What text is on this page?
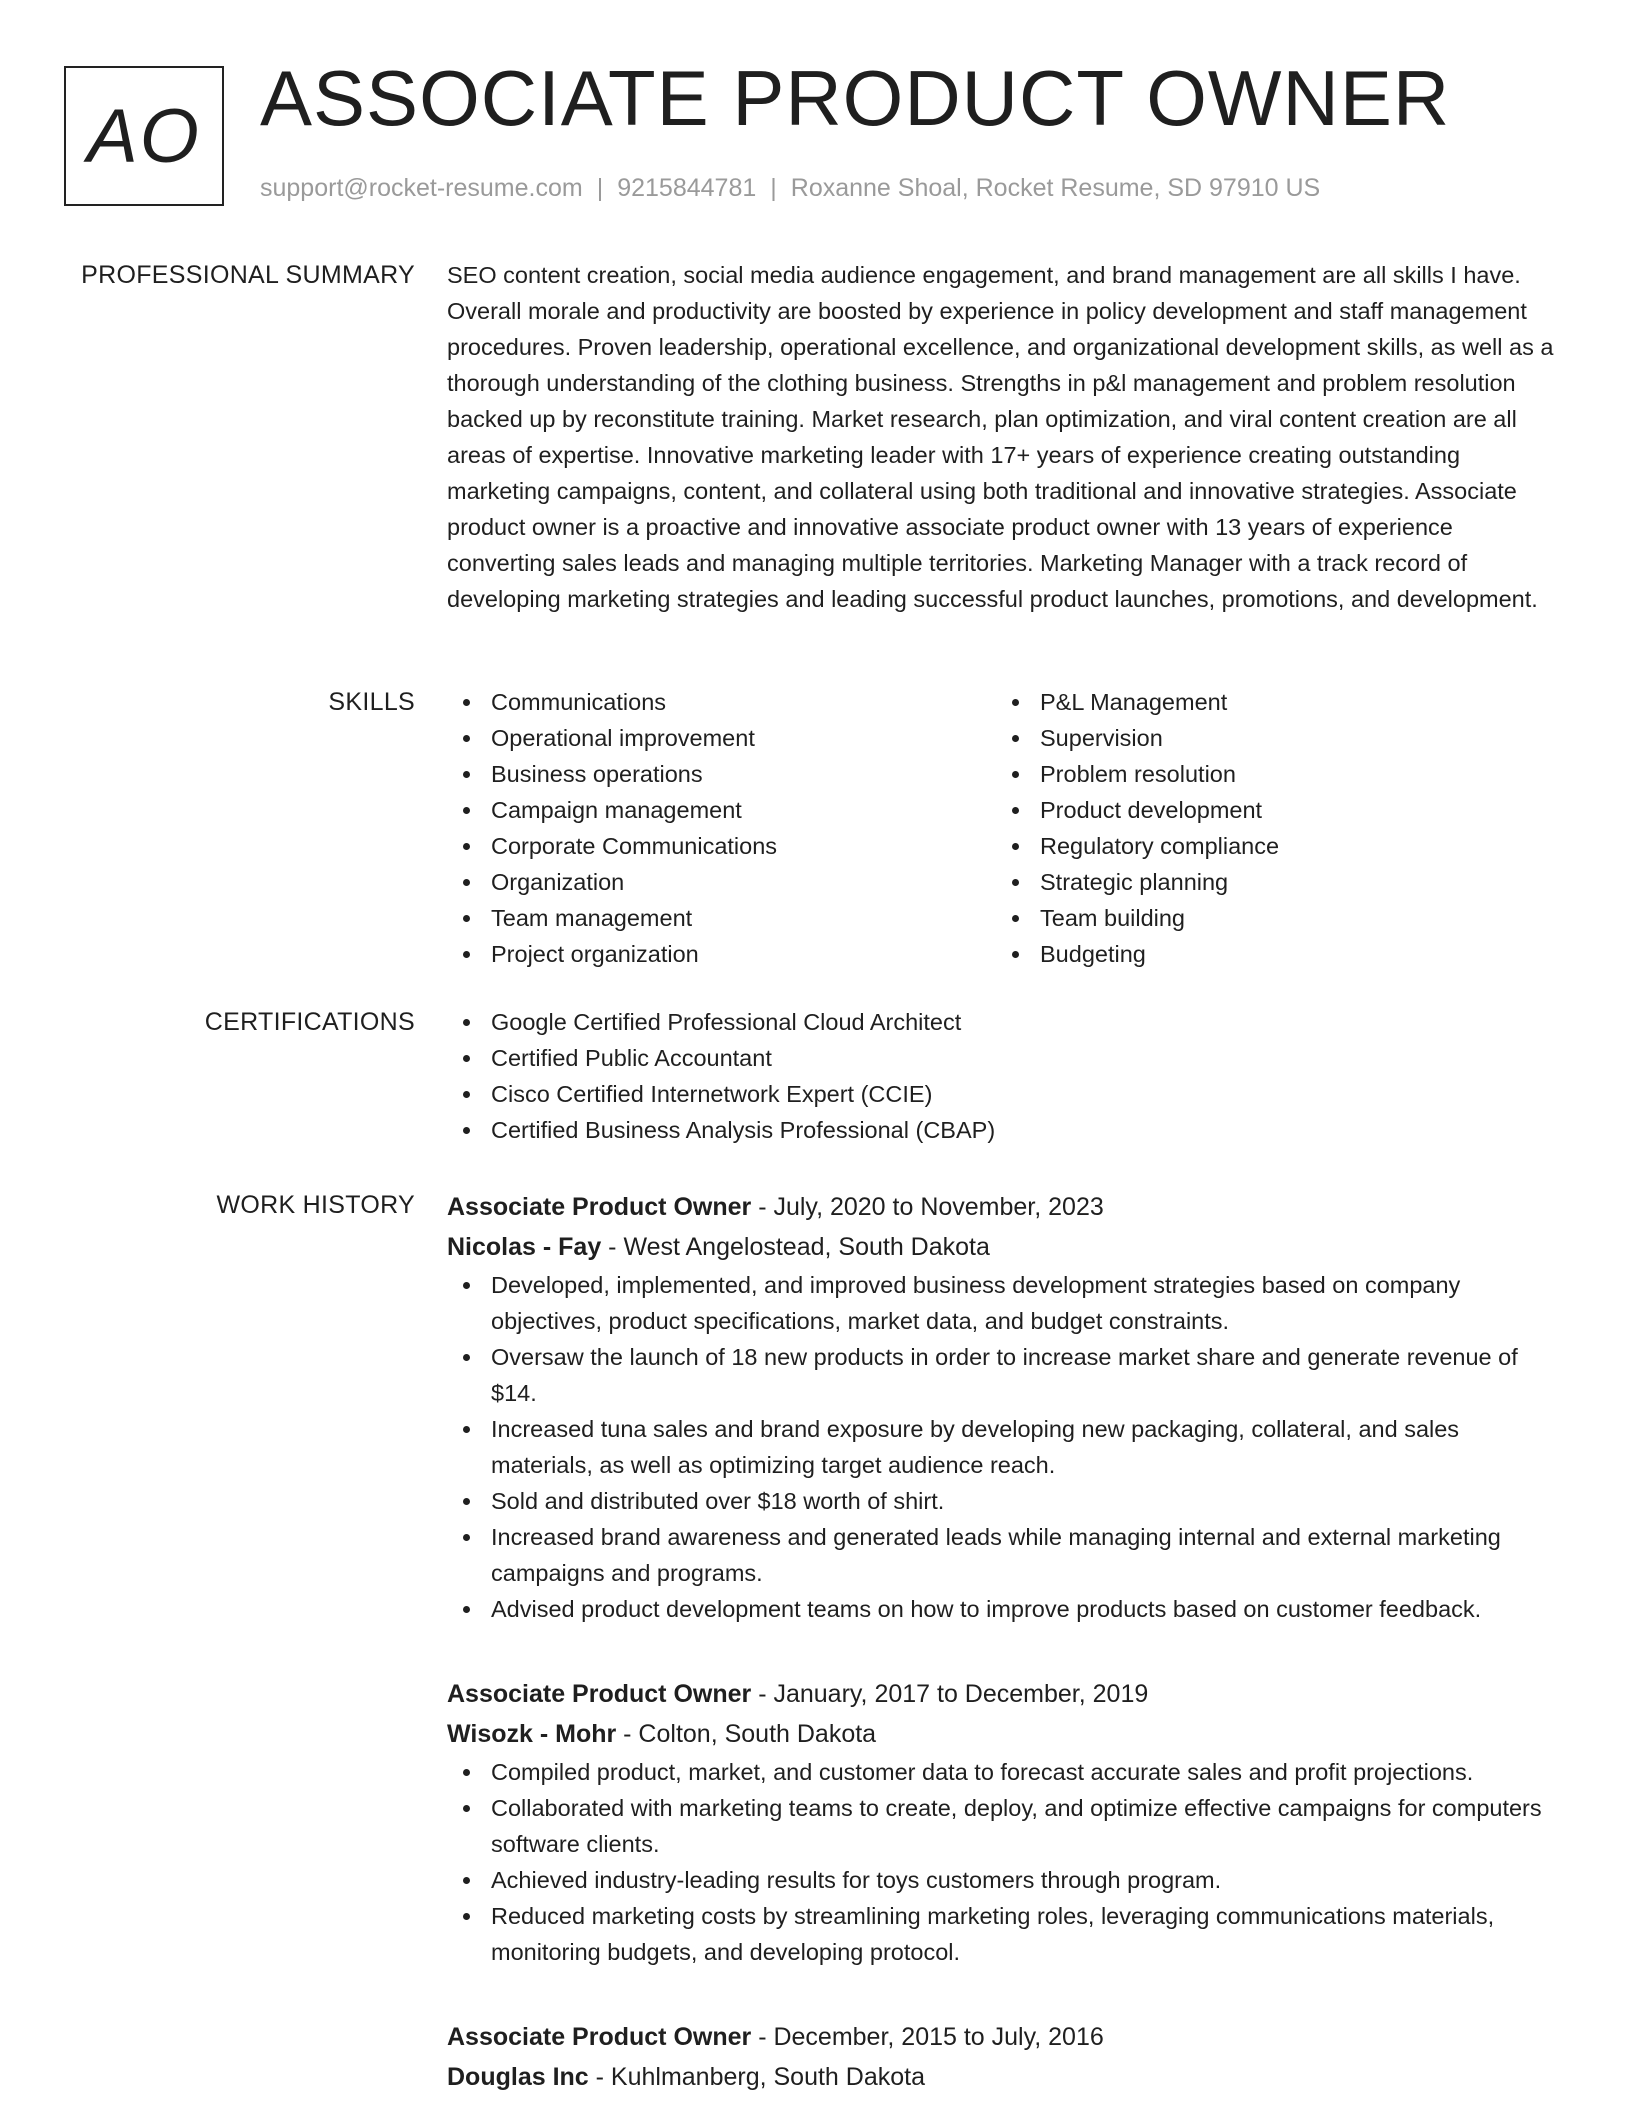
AO ASSOCIATE PRODUCT OWNER
support@rocket-resume.com | 9215844781 | Roxanne Shoal, Rocket Resume, SD 97910 US
PROFESSIONAL SUMMARY SEO content creation, social media audience engagement, and brand management are all skills I have. Overall morale and productivity are boosted by experience in policy development and staff management procedures. Proven leadership, operational excellence, and organizational development skills, as well as a thorough understanding of the clothing business. Strengths in p&l management and problem resolution backed up by reconstitute training. Market research, plan optimization, and viral content creation are all areas of expertise. Innovative marketing leader with 17+ years of experience creating outstanding marketing campaigns, content, and collateral using both traditional and innovative strategies. Associate product owner is a proactive and innovative associate product owner with 13 years of experience converting sales leads and managing multiple territories. Marketing Manager with a track record of developing marketing strategies and leading successful product launches, promotions, and development.

SKILLS	Communications
Operational improvement
Business operations
Campaign management
Corporate Communications
Organization
Team management
Project organization
P&L Management
Supervision
Problem resolution
Product development
Regulatory compliance
Strategic planning
Team building
Budgeting
CERTIFICATIONS	Google Certified Professional Cloud Architect
Certified Public Accountant
Cisco Certified Internetwork Expert (CCIE)
Certified Business Analysis Professional (CBAP)
WORK HISTORY Associate Product Owner - July, 2020 to November, 2023
Nicolas - Fay - West Angelostead, South Dakota
Developed, implemented, and improved business development strategies based on company objectives, product specifications, market data, and budget constraints.
Oversaw the launch of 18 new products in order to increase market share and generate revenue of $14.
Increased tuna sales and brand exposure by developing new packaging, collateral, and sales materials, as well as optimizing target audience reach.
Sold and distributed over $18 worth of shirt.
Increased brand awareness and generated leads while managing internal and external marketing campaigns and programs.
Advised product development teams on how to improve products based on customer feedback.
Associate Product Owner - January, 2017 to December, 2019
Wisozk - Mohr - Colton, South Dakota
Compiled product, market, and customer data to forecast accurate sales and profit projections.
Collaborated with marketing teams to create, deploy, and optimize effective campaigns for computers software clients.
Achieved industry-leading results for toys customers through program.
Reduced marketing costs by streamlining marketing roles, leveraging communications materials, monitoring budgets, and developing protocol.
Associate Product Owner - December, 2015 to July, 2016
Douglas Inc - Kuhlmanberg, South Dakota
